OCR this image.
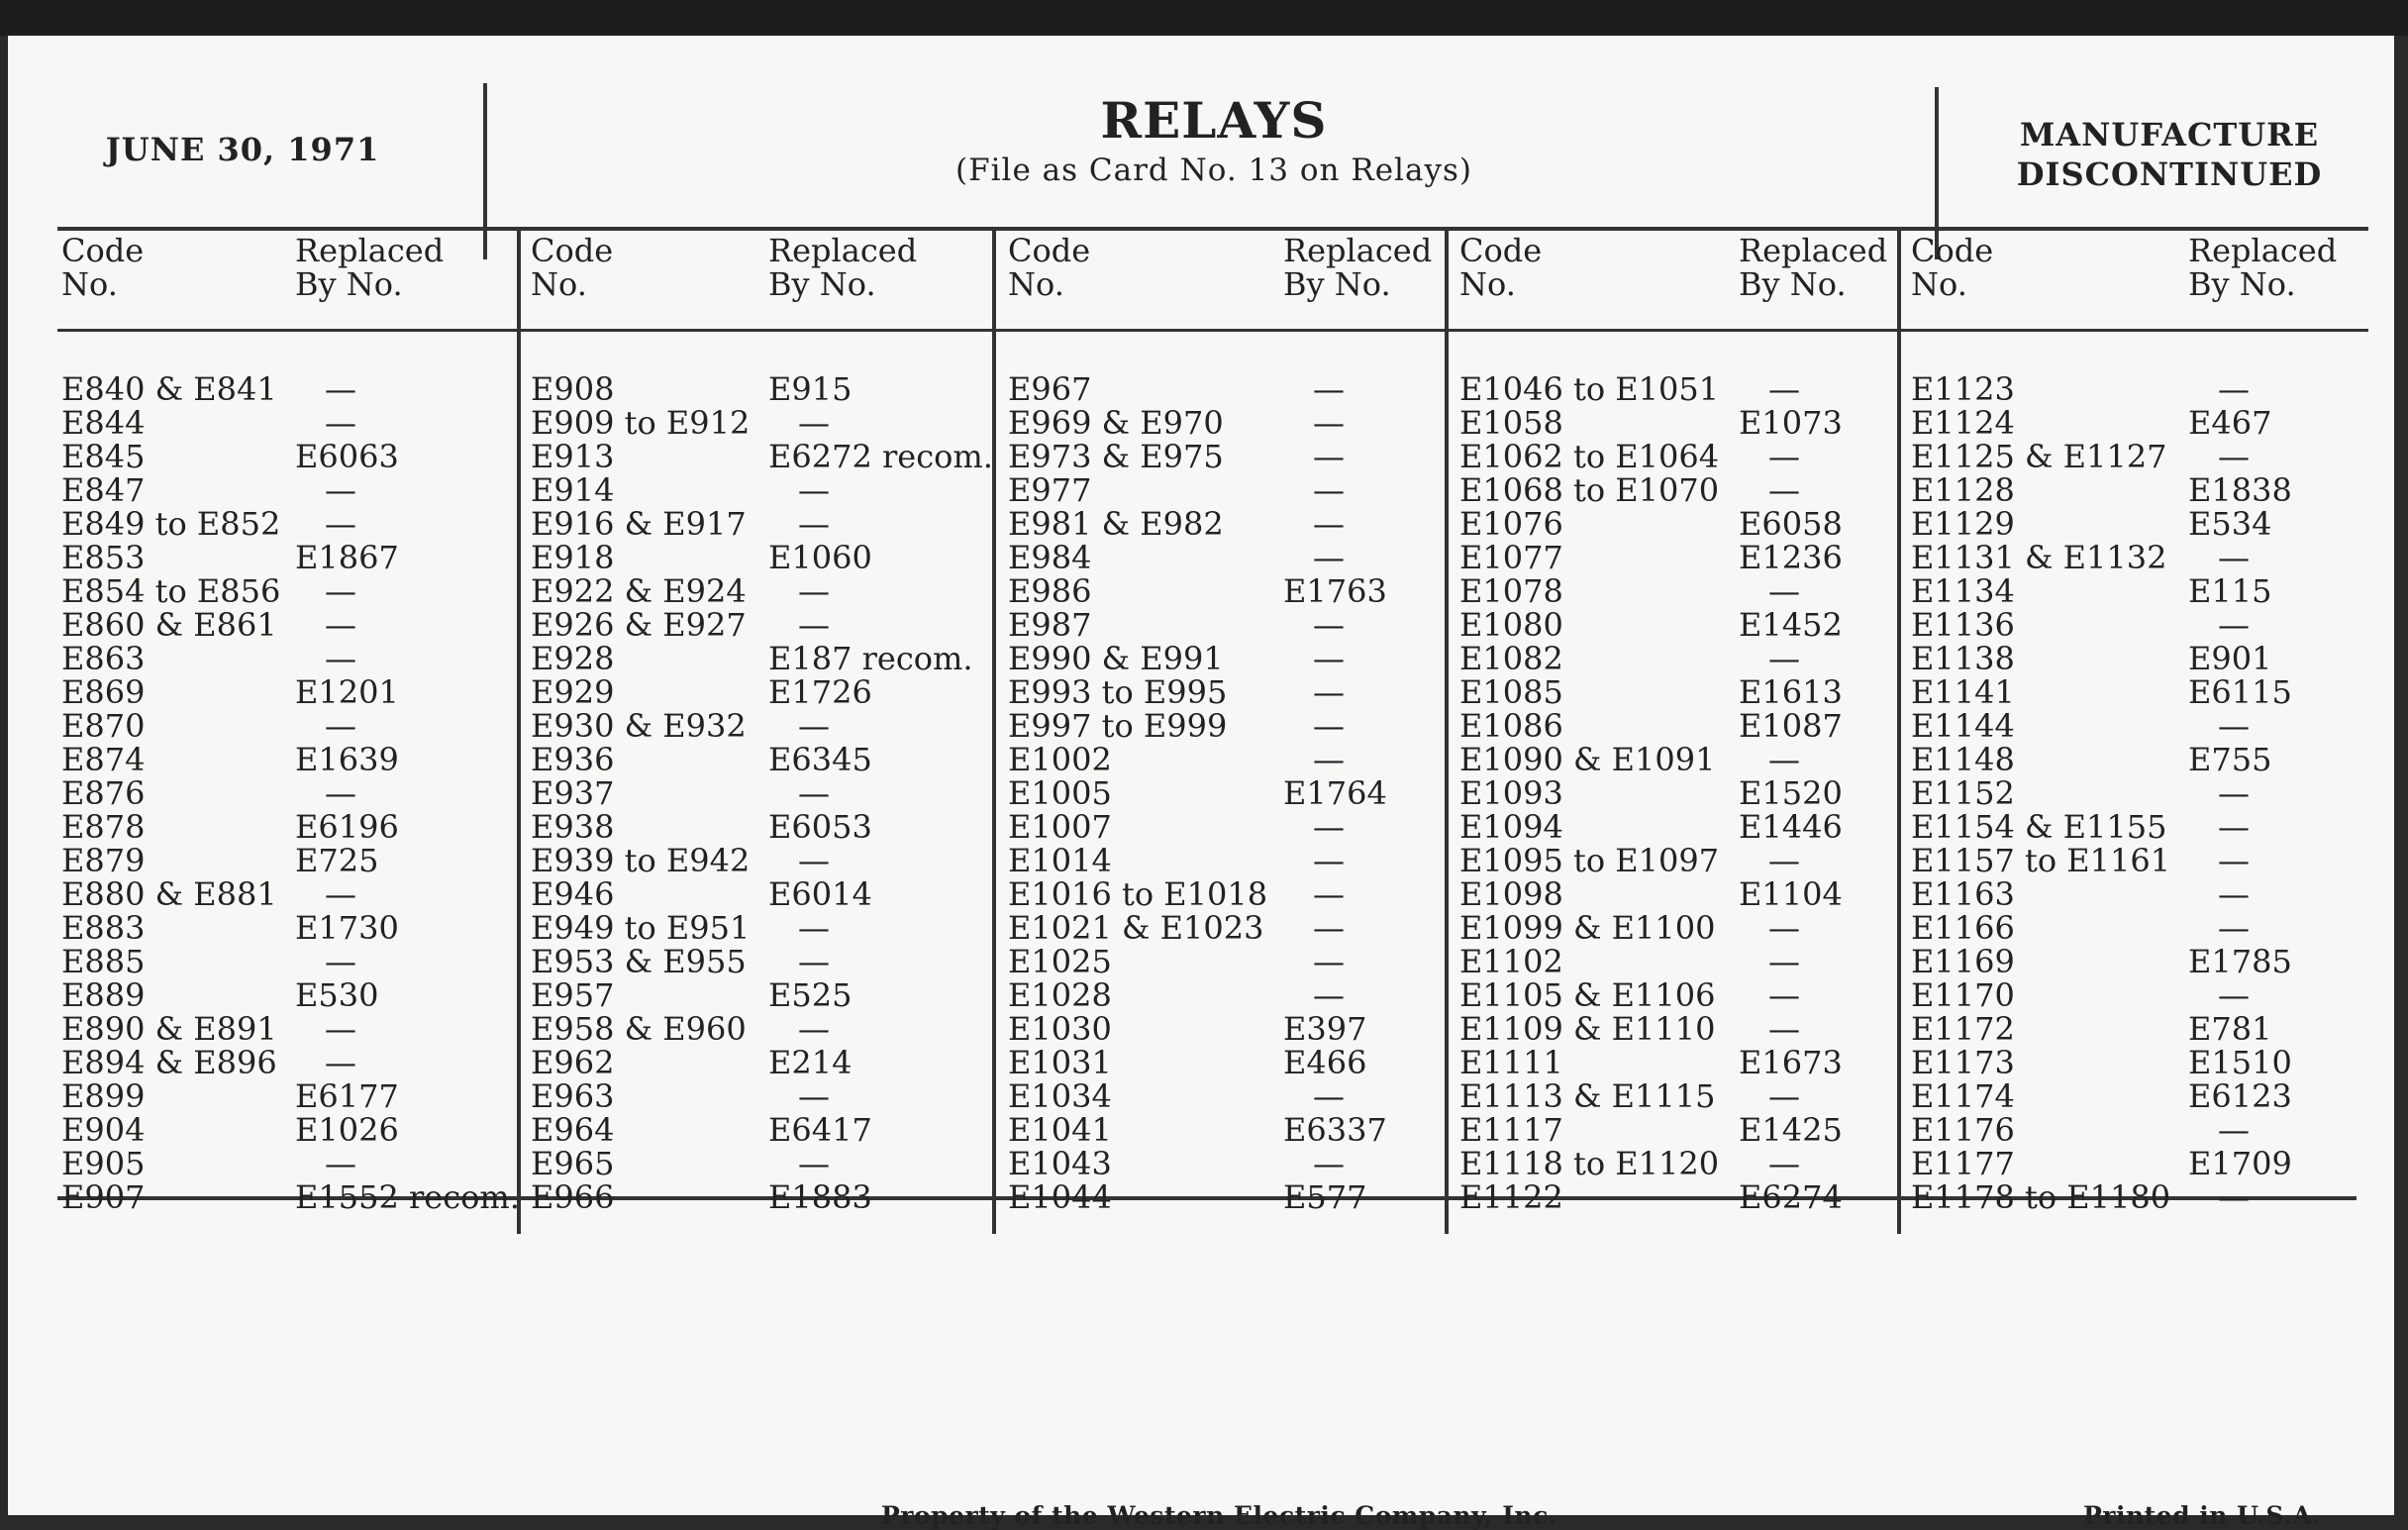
JUNE 30, 1971	RELAYS
(File as Card No. 13 on Relays)
MANUFACTURE
DISCONTINUED
Code
No.
Replaced
By No.
E840 & E841 —
E844	—
E845	E6063
E847	—
E849 to E852 —
E853	E1867
E854 to E856 —
E860 & E861 —
E863	—
E869	E1201
E870	—
E874	E1639
E876	—
E878	E6196
E879	E725
E880 & E881 —
E883	E1730
E885	—
E889	E530
E890 & E891 —
E894 & E896 —
E899	E6177
E904	E1026
E905	—
E907	E1552 recom.
Code
No.
Replaced
By No.
E908	E915
E909 to E912 —
E913	E6272 recom.
E914	—
E916 & E917 —
E918	E1060
E922 & E924 —
E926 & E927 —
E928	E187 recom.
E929	E1726
E930 & E932 —
E936	E6345
E937	—
E938	E6053
E939 to E942 —
E946	E6014
E949 to E951 —
E953 & E955 —
E957	E525
E958 & E960 —
E962	E214
E963	—
E964	E6417
E965	—
E966	E1883
Code
No.
Replaced
By No.
E967	—
E969 & E970	—
E973 & E975	—
E977	—
E981 & E982	—
E984	—
E986	E1763
E987	—
E990 & E991	—
E993 to E995	—
E997 to E999	—
E1002	—
E1005	E1764
E1007	—
E1014	—
E1016 to E1018 —
E1021 & E1023 —
E1025	—
E1028	—
E1030	E397
E1031	E466
E1034	—
E1041	E6337
E1043	—
E1044	E577
Code
No.
Replaced
By No.
E1046 to E1051 —
E1058	E1073
E1062 to E1064 —
E1068 to E1070 —
E1076	E6058
E1077	E1236
E1078	—
E1080	E1452
E1082	—
E1085	E1613
E1086	E1087
E1090 & E1091 —
E1093	E1520
E1094	E1446
E1095 to E1097 —
E1098	E1104
E1099 & E1100 —
E1102	—
E1105 & E1106 —
E1109 & E1110 —
E1111	E1673
E1113 & E1115 —
E1117	E1425
E1118 to E1120 —
E1122	E6274
Code
No.
Replaced
By No.
E1123	—
E1124	E467
E1125 & E1127 —
E1128	E1838
E1129	E534
E1131 & E1132 —
E1134	E115
E1136	—
E1138	E901
E1141	E6115
E1144	—
E1148	E755
E1152	—
E1154 & E1155 —
E1157 to E1161 —
E1163	—
E1166	—
E1169	E1785
E1170	—
E1172	E781
E1173	E1510
E1174	E6123
E1176	—
E1177	E1709
E1178 to E1180 —
Property of the Western Electric Company, Inc.	Printed in U.S.A.
